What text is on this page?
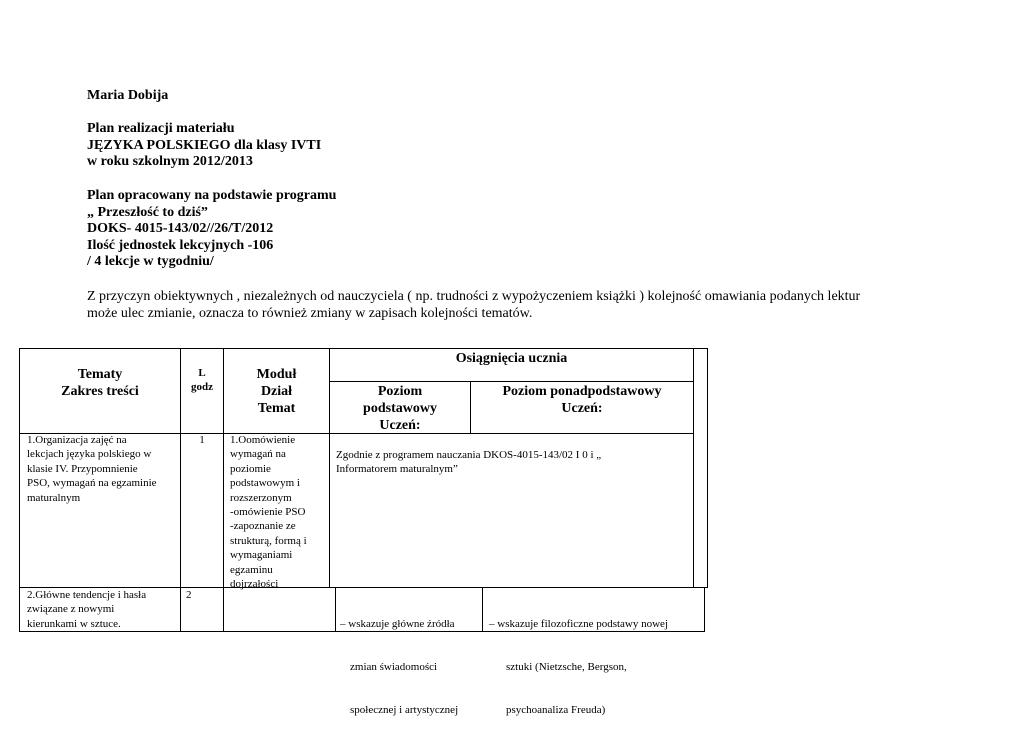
Maria Dobija
Plan realizacji materiału
JĘZYKA POLSKIEGO dla klasy IVTI
w roku szkolnym 2012/2013
Plan opracowany na podstawie programu
„ Przeszłość to dziś”
DOKS- 4015-143/02//26/T/2012
Ilość jednostek lekcyjnych -106
/ 4 lekcje w tygodniu/
Z przyczyn obiektywnych , niezależnych od nauczyciela ( np. trudności z wypożyczeniem książki ) kolejność omawiania podanych lektur
może ulec zmianie, oznacza to również zmiany w zapisach kolejności tematów.
Tematy
Zakres treści
L
godz
Moduł
Dział
Temat
Osiągnięcia ucznia
Poziom
podstawowy
Uczeń:
Poziom ponadpodstawowy
Uczeń:
1.Organizacja zajęć na
lekcjach języka polskiego w
klasie IV. Przypomnienie
PSO, wymagań na egzaminie
maturalnym
1	1.Oomówienie
wymagań na
poziomie
podstawowym i
rozszerzonym
-omówienie PSO
-zapoznanie ze
strukturą, formą i
wymaganiami
egzaminu
dojrzałości
Zgodnie z programem nauczania DKOS-4015-143/02 I 0 i „
Informatorem maturalnym”
2.Główne tendencje i hasła
związane z nowymi
kierunkami w sztuce.
2

– wskazuje główne źródła

zmian świadomości

społecznej i artystycznej

– wskazuje filozoficzne podstawy nowej

sztuki (Nietzsche, Bergson,

psychoanaliza Freuda)
